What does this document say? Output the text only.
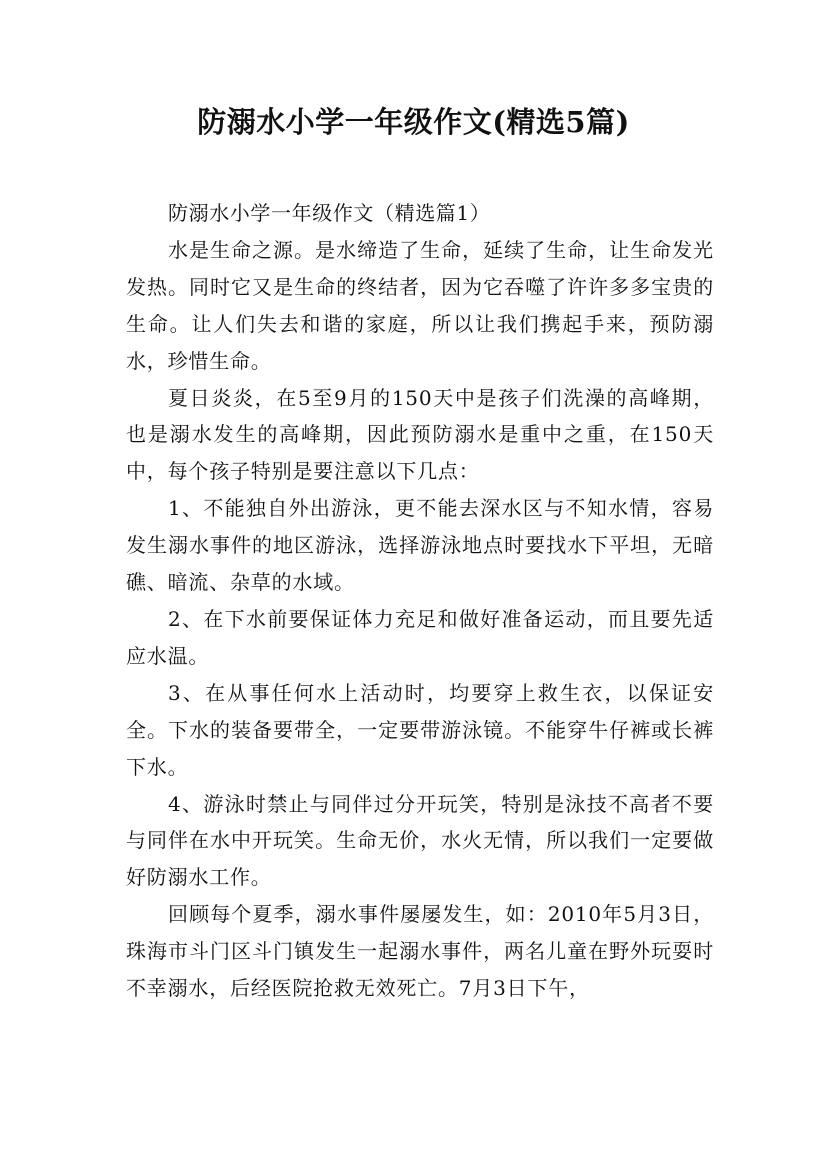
防溺水小学一年级作文(精选5篇)

防溺水小学一年级作文（精选篇1）

水是生命之源。是水缔造了生命，延续了生命，让生命发光发热。同时它又是生命的终结者，因为它吞噬了许许多多宝贵的生命。让人们失去和谐的家庭，所以让我们携起手来，预防溺水，珍惜生命。

夏日炎炎，在5至9月的150天中是孩子们洗澡的高峰期，也是溺水发生的高峰期，因此预防溺水是重中之重，在150天中，每个孩子特别是要注意以下几点：

1、不能独自外出游泳，更不能去深水区与不知水情，容易发生溺水事件的地区游泳，选择游泳地点时要找水下平坦，无暗礁、暗流、杂草的水域。

2、在下水前要保证体力充足和做好准备运动，而且要先适应水温。

3、在从事任何水上活动时，均要穿上救生衣，以保证安全。下水的装备要带全，一定要带游泳镜。不能穿牛仔裤或长裤下水。

4、游泳时禁止与同伴过分开玩笑，特别是泳技不高者不要与同伴在水中开玩笑。生命无价，水火无情，所以我们一定要做好防溺水工作。

回顾每个夏季，溺水事件屡屡发生，如：2010年5月3日，珠海市斗门区斗门镇发生一起溺水事件，两名儿童在野外玩耍时不幸溺水，后经医院抢救无效死亡。7月3日下午，
